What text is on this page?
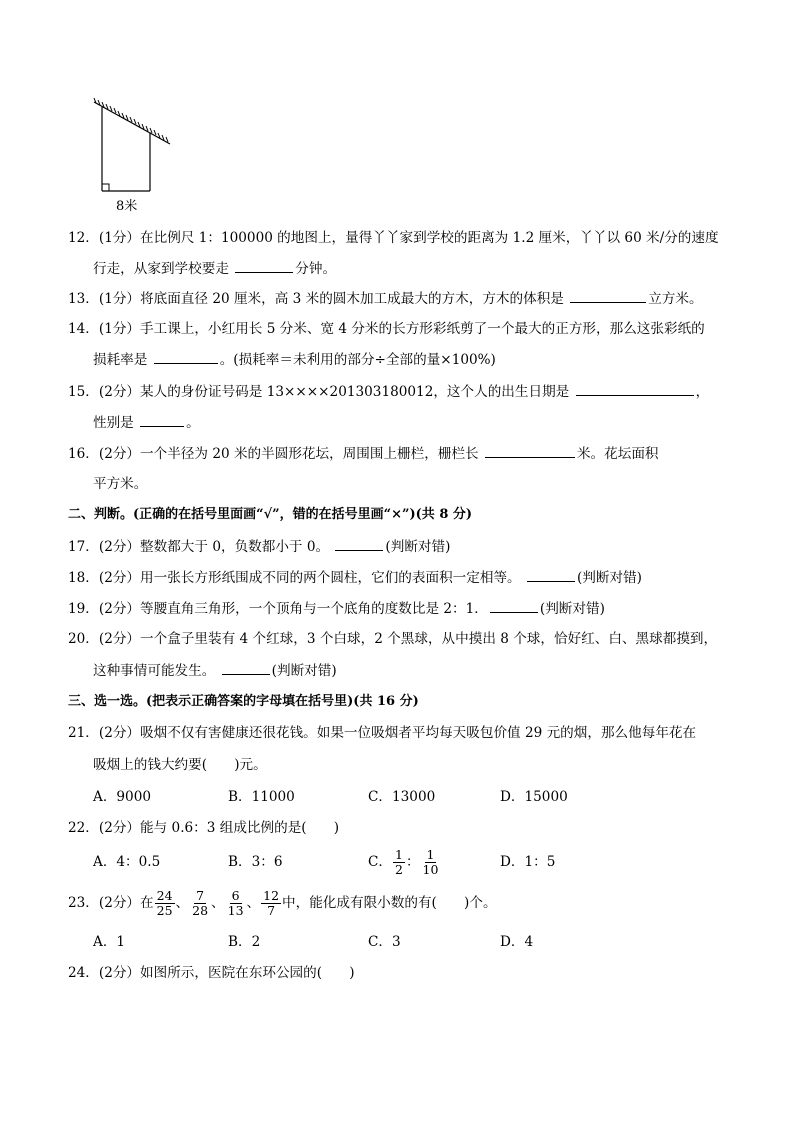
8米
12．(1分）在比例尺 1：100000 的地图上，量得丫丫家到学校的距离为 1.2 厘米，丫丫以 60 米/分的速度
行走，从家到学校要走	分钟。
13．(1分）将底面直径 20 厘米，高 3 米的圆木加工成最大的方木，方木的体积是	立方米。
14．(1分）手工课上，小红用长 5 分米、宽 4 分米的长方形彩纸剪了一个最大的正方形，那么这张彩纸的
损耗率是	。(损耗率＝未利用的部分÷全部的量×100%)
15．(2分）某人的身份证号码是 13××××201303180012，这个人的出生日期是	，
性别是	。
16．(2分）一个半径为 20 米的半圆形花坛，周围围上栅栏，栅栏长	米。花坛面积
平方米。
二、判断。(正确的在括号里面画“√”，错的在括号里画“×”)(共 8 分)
17．(2分）整数都大于 0，负数都小于 0。	(判断对错)
18．(2分）用一张长方形纸围成不同的两个圆柱，它们的表面积一定相等。	(判断对错)
19．(2分）等腰直角三角形，一个顶角与一个底角的度数比是 2：1．	(判断对错)
20．(2分）一个盒子里装有 4 个红球，3 个白球，2 个黑球，从中摸出 8 个球，恰好红、白、黑球都摸到，
这种事情可能发生。	(判断对错)
三、选一选。(把表示正确答案的字母填在括号里)(共 16 分)
21．(2分）吸烟不仅有害健康还很花钱。如果一位吸烟者平均每天吸包价值 29 元的烟，那么他每年花在
吸烟上的钱大约要(　　)元。
A．9000	B．11000	C．13000	D．15000
22．(2分）能与 0.6：3 组成比例的是(　　)
A．4：0.5	B．3：6	C． $\frac{1}{2}$ ： $\frac{1}{10}$	D．1：5
23．(2分）在 $\frac{24}{25}$ 、 $\frac{7}{28}$ 、 $\frac{6}{13}$ 、 $\frac{12}{7}$ 中，能化成有限小数的有(　　)个。
A．1	B．2	C．3	D．4
24．(2分）如图所示，医院在东环公园的(　　)
